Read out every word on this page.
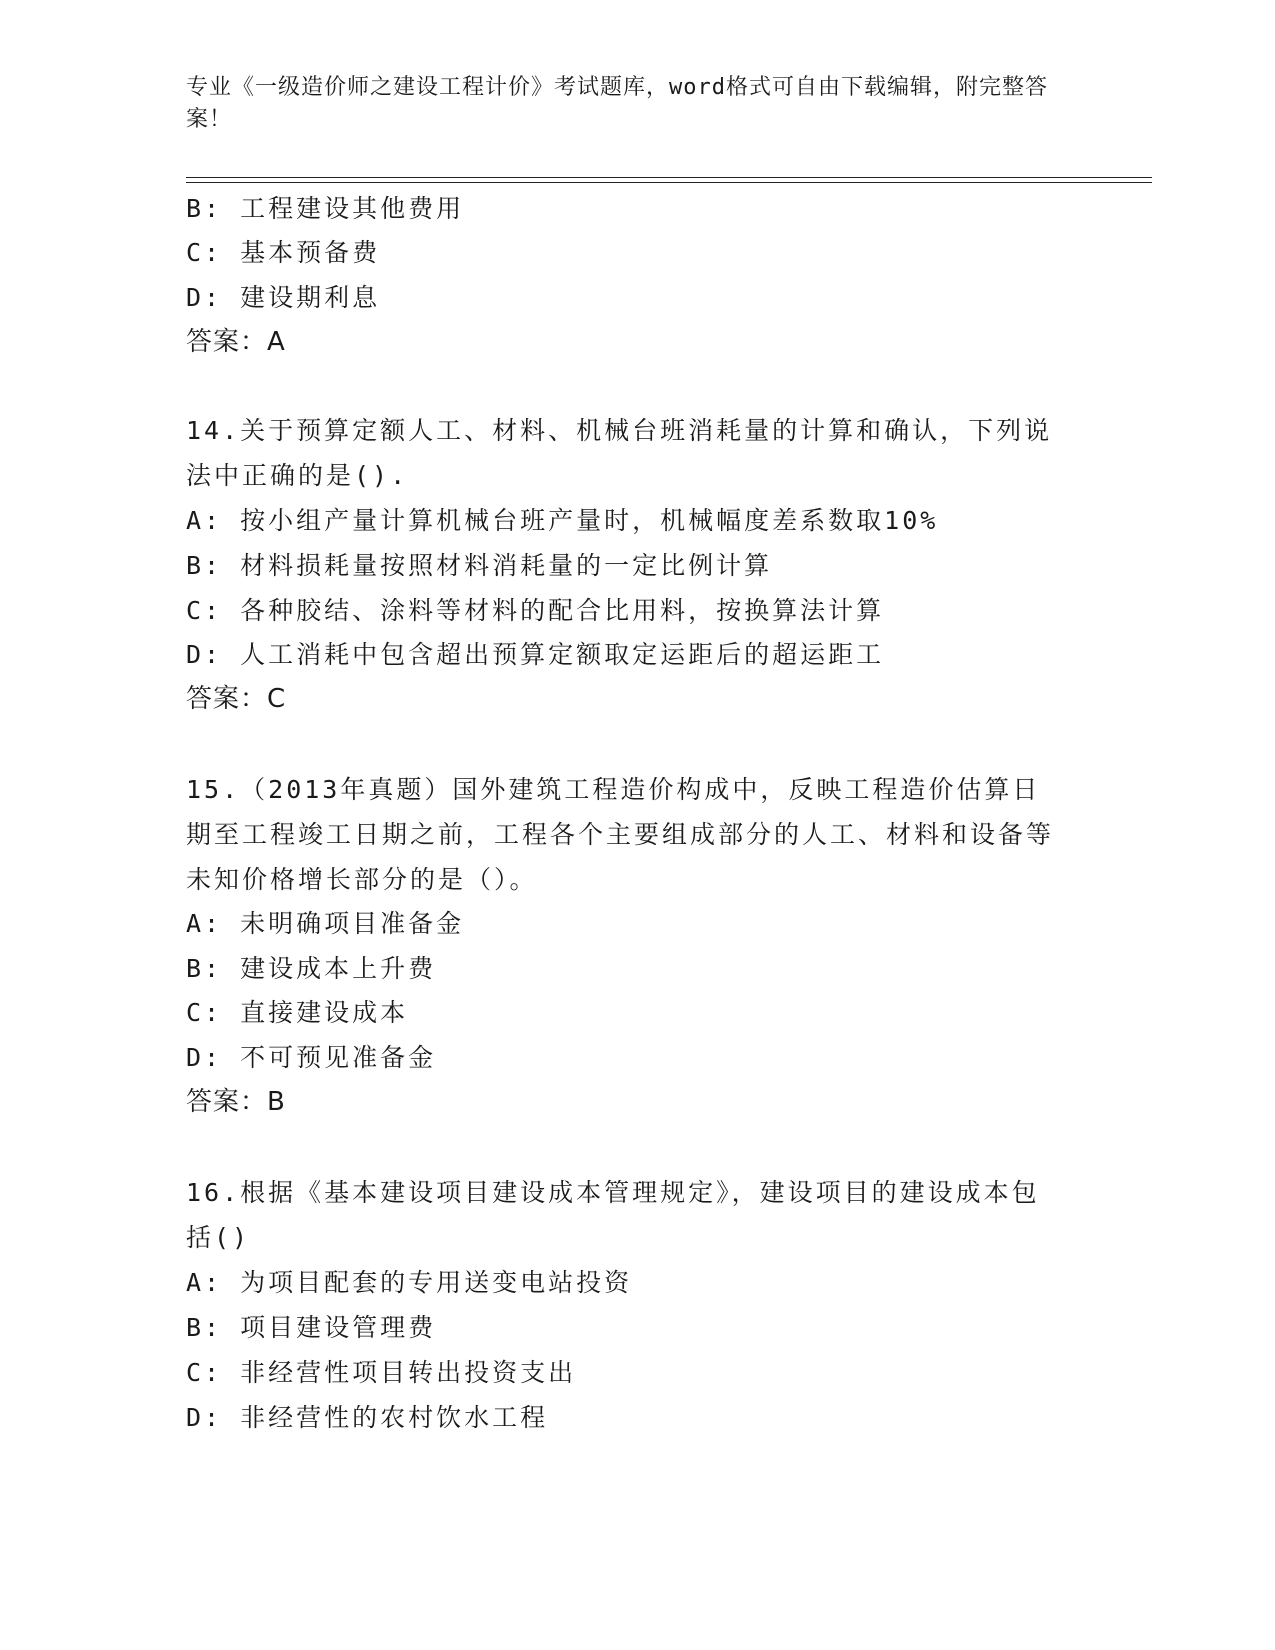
专业《一级造价师之建设工程计价》考试题库，word格式可自由下载编辑，附完整答案！
B: 工程建设其他费用
C: 基本预备费
D: 建设期利息
答案：A
14.关于预算定额人工、材料、机械台班消耗量的计算和确认，下列说法中正确的是().
A: 按小组产量计算机械台班产量时，机械幅度差系数取10%
B: 材料损耗量按照材料消耗量的一定比例计算
C: 各种胶结、涂料等材料的配合比用料，按换算法计算
D: 人工消耗中包含超出预算定额取定运距后的超运距工
答案：C
15.（2013年真题）国外建筑工程造价构成中，反映工程造价估算日期至工程竣工日期之前，工程各个主要组成部分的人工、材料和设备等未知价格增长部分的是（）。
A: 未明确项目准备金
B: 建设成本上升费
C: 直接建设成本
D: 不可预见准备金
答案：B
16.根据《基本建设项目建设成本管理规定》，建设项目的建设成本包括()
A: 为项目配套的专用送变电站投资
B: 项目建设管理费
C: 非经营性项目转出投资支出
D: 非经营性的农村饮水工程
